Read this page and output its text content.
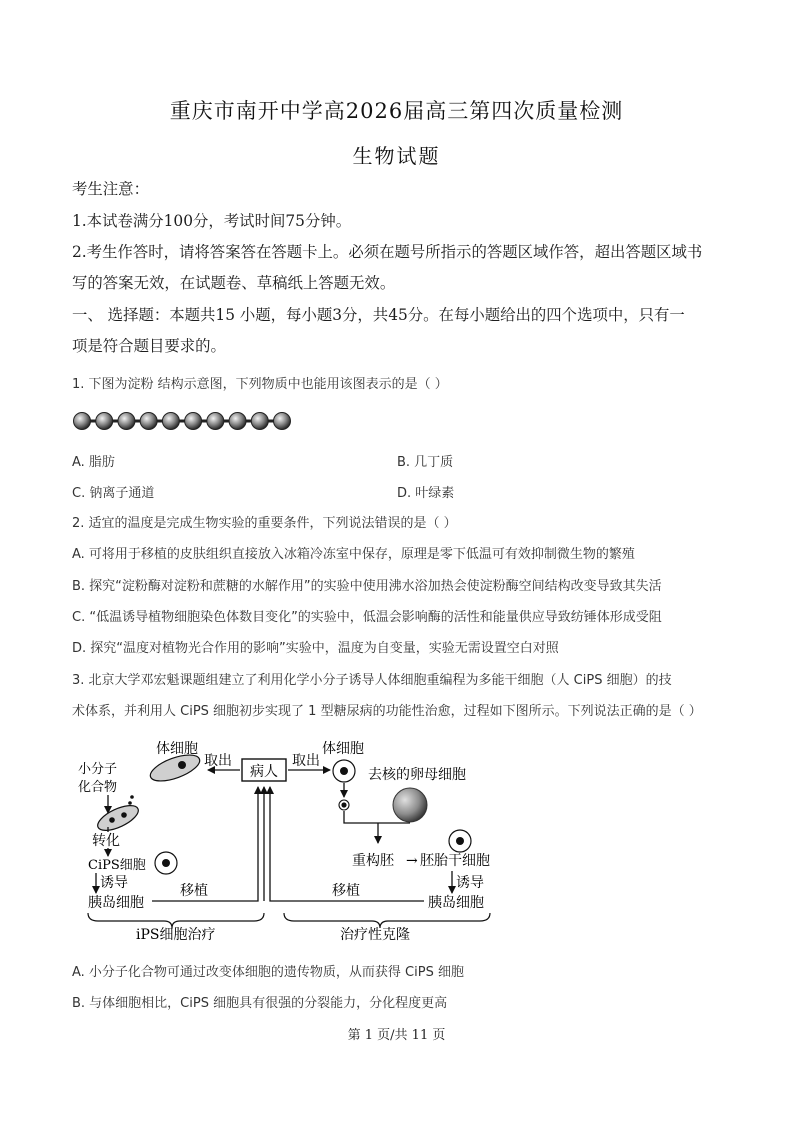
重庆市南开中学高2026届高三第四次质量检测
生物试题
考生注意：
1.本试卷满分100分，考试时间75分钟。
2.考生作答时，请将答案答在答题卡上。必须在题号所指示的答题区域作答，超出答题区域书
写的答案无效，在试题卷、草稿纸上答题无效。
一、 选择题：本题共15 小题，每小题3分，共45分。在每小题给出的四个选项中，只有一
项是符合题目要求的。
1. 下图为淀粉 结构示意图，下列物质中也能用该图表示的是（ ）
A. 脂肪	B. 几丁质
C. 钠离子通道	D. 叶绿素
2. 适宜的温度是完成生物实验的重要条件，下列说法错误的是（ ）
A. 可将用于移植的皮肤组织直接放入冰箱冷冻室中保存，原理是零下低温可有效抑制微生物的繁殖
B. 探究“淀粉酶对淀粉和蔗糖的水解作用”的实验中使用沸水浴加热会使淀粉酶空间结构改变导致其失活
C. “低温诱导植物细胞染色体数目变化”的实验中，低温会影响酶的活性和能量供应导致纺锤体形成受阻
D. 探究“温度对植物光合作用的影响”实验中，温度为自变量，实验无需设置空白对照
3. 北京大学邓宏魁课题组建立了利用化学小分子诱导人体细胞重编程为多能干细胞（人 CiPS 细胞）的技
术体系，并利用人 CiPS 细胞初步实现了 1 型糖尿病的功能性治愈，过程如下图所示。下列说法正确的是（ ）
病人
体细胞
取出
小分子
化合物
转化
CiPS细胞
诱导
胰岛细胞
移植
iPS细胞治疗
取出
体细胞
去核的卵母细胞
重构胚 → 胚胎干细胞
诱导
胰岛细胞
移植
治疗性克隆
A. 小分子化合物可通过改变体细胞的遗传物质，从而获得 CiPS 细胞
B. 与体细胞相比，CiPS 细胞具有很强的分裂能力，分化程度更高
第 1 页/共 11 页
